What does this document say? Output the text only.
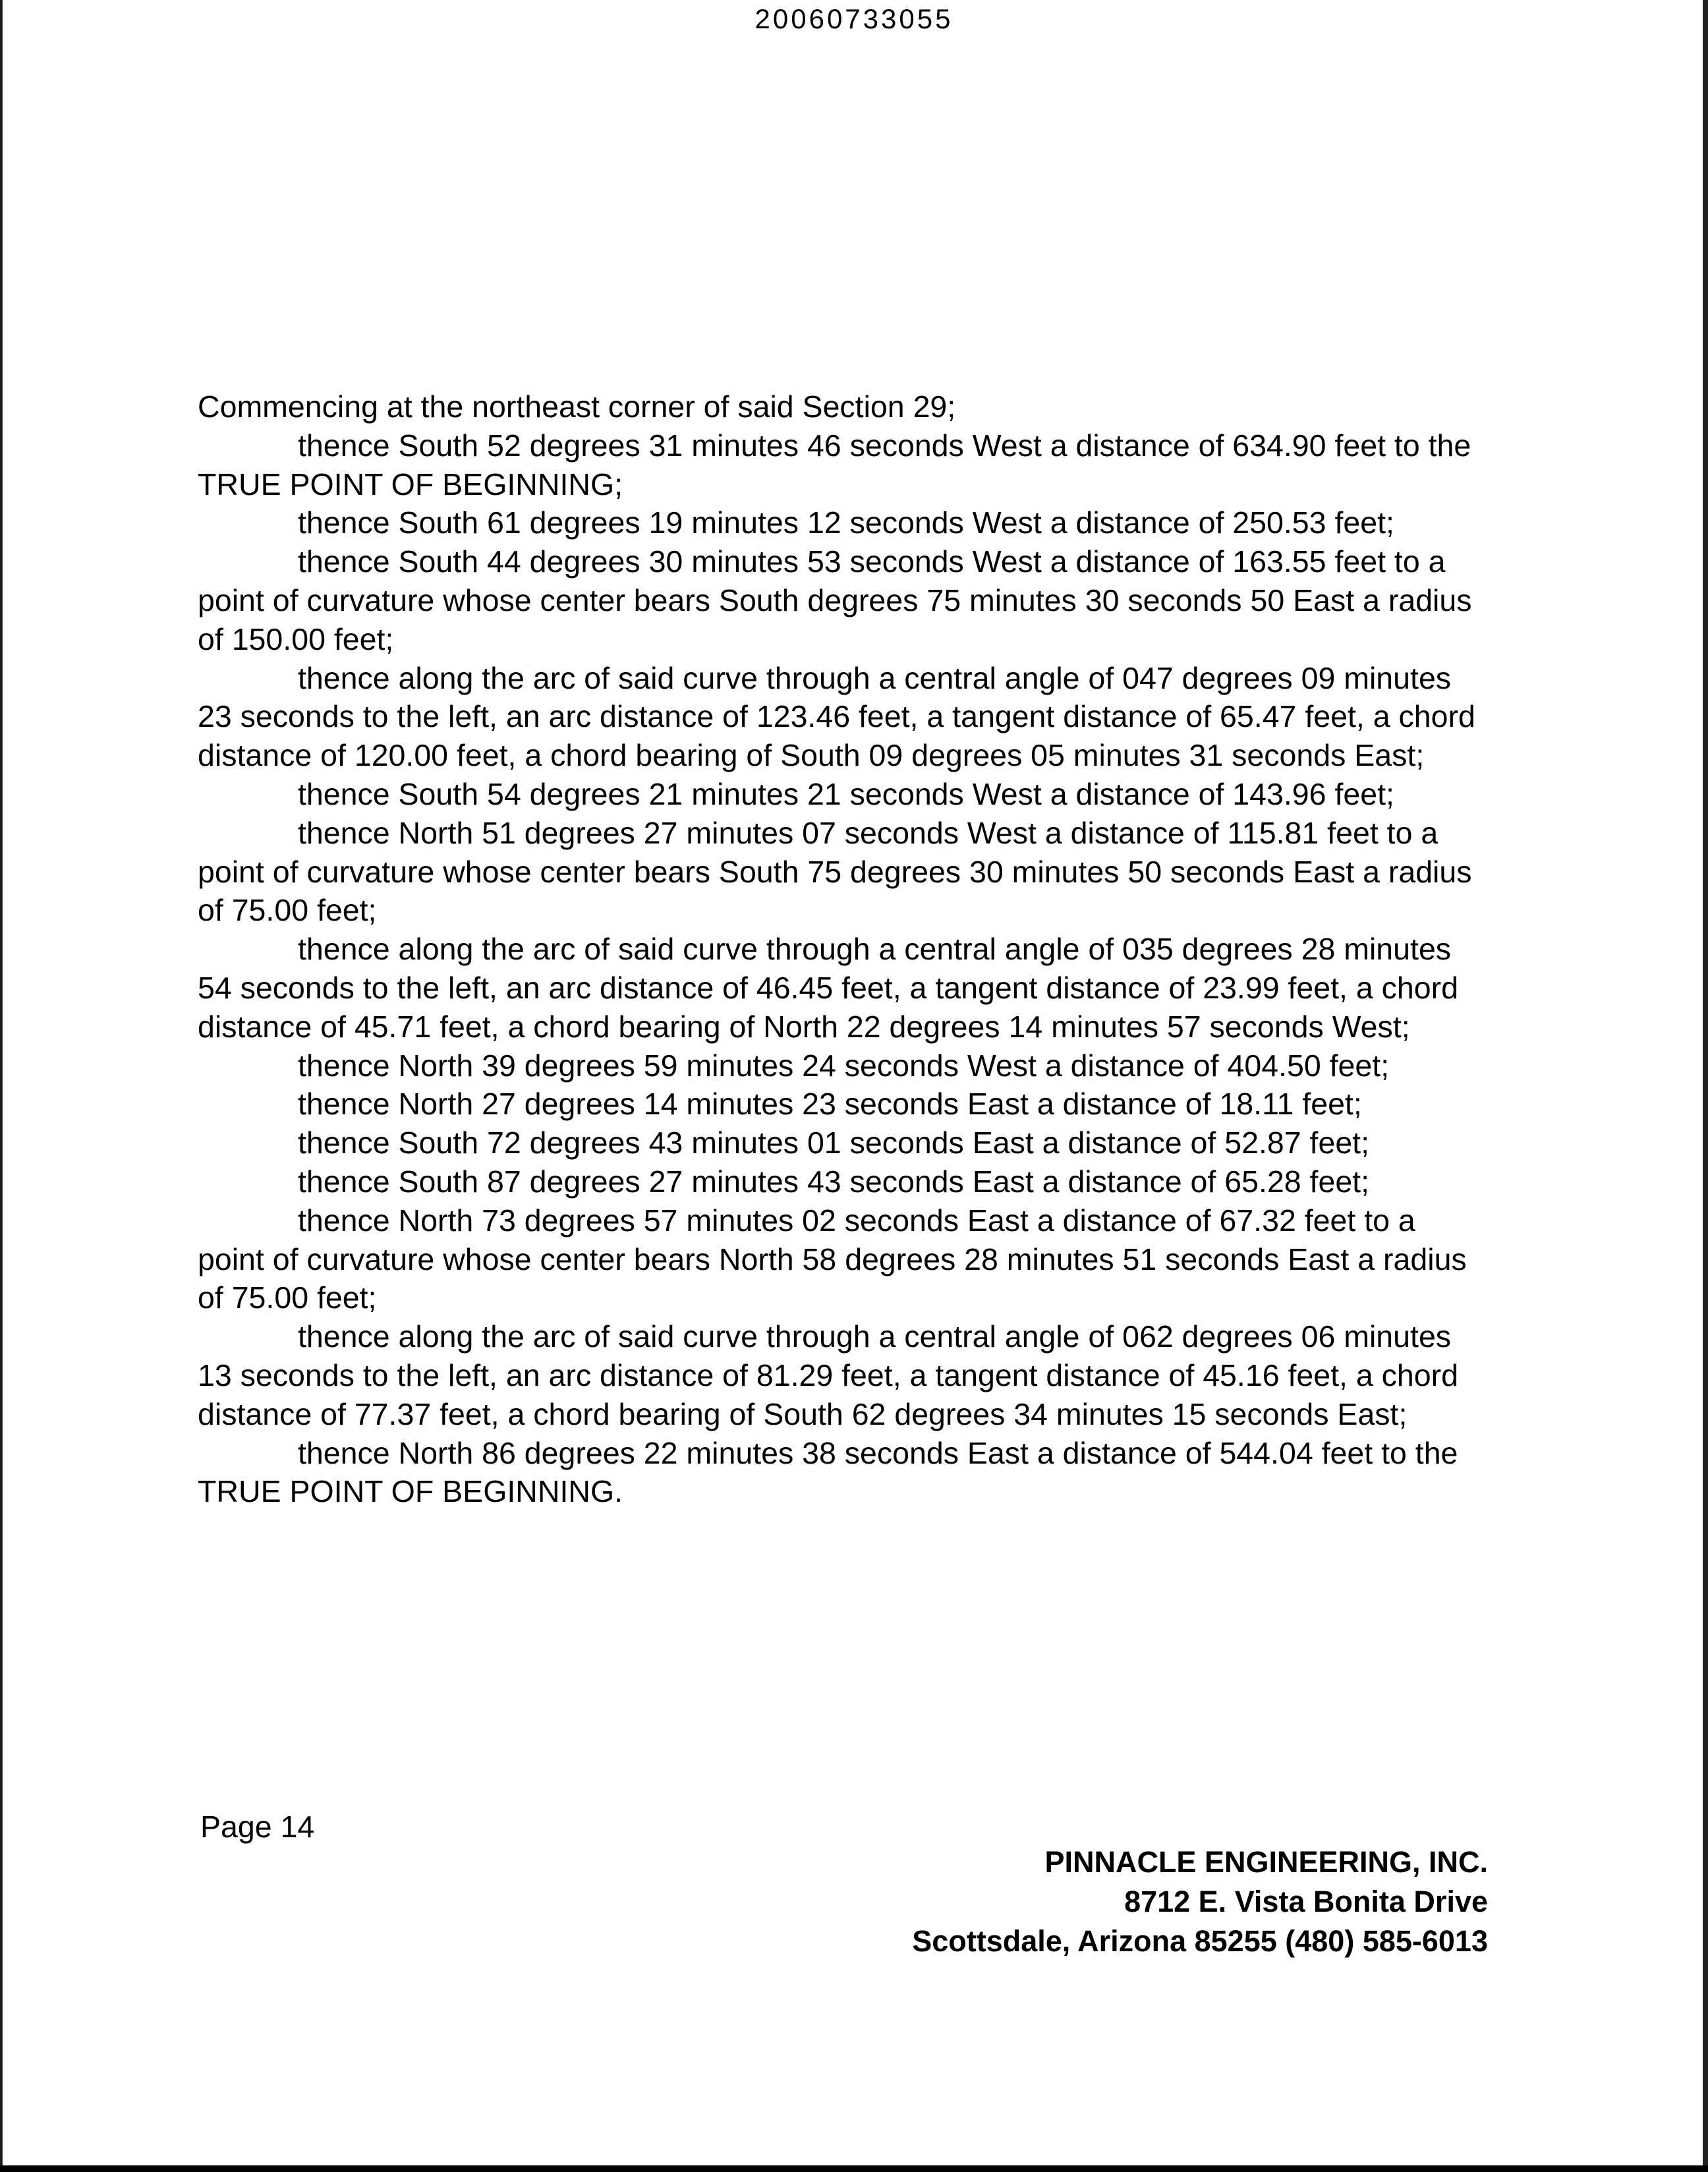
20060733055

Commencing at the northeast corner of said Section 29;

thence South 52 degrees 31 minutes 46 seconds West a distance of 634.90 feet to the TRUE POINT OF BEGINNING;

thence South 61 degrees 19 minutes 12 seconds West a distance of 250.53 feet;

thence South 44 degrees 30 minutes 53 seconds West a distance of 163.55 feet to a point of curvature whose center bears South degrees 75 minutes 30 seconds 50 East a radius of 150.00 feet;

thence along the arc of said curve through a central angle of 047 degrees 09 minutes 23 seconds to the left, an arc distance of 123.46 feet, a tangent distance of 65.47 feet, a chord distance of 120.00 feet, a chord bearing of South 09 degrees 05 minutes 31 seconds East;

thence South 54 degrees 21 minutes 21 seconds West a distance of 143.96 feet;

thence North 51 degrees 27 minutes 07 seconds West a distance of 115.81 feet to a point of curvature whose center bears South 75 degrees 30 minutes 50 seconds East a radius of 75.00 feet;

thence along the arc of said curve through a central angle of 035 degrees 28 minutes 54 seconds to the left, an arc distance of 46.45 feet, a tangent distance of 23.99 feet, a chord distance of 45.71 feet, a chord bearing of North 22 degrees 14 minutes 57 seconds West;

thence North 39 degrees 59 minutes 24 seconds West a distance of 404.50 feet;

thence North 27 degrees 14 minutes 23 seconds East a distance of 18.11 feet;

thence South 72 degrees 43 minutes 01 seconds East a distance of 52.87 feet;

thence South 87 degrees 27 minutes 43 seconds East a distance of 65.28 feet;

thence North 73 degrees 57 minutes 02 seconds East a distance of 67.32 feet to a point of curvature whose center bears North 58 degrees 28 minutes 51 seconds East a radius of 75.00 feet;

thence along the arc of said curve through a central angle of 062 degrees 06 minutes 13 seconds to the left, an arc distance of 81.29 feet, a tangent distance of 45.16 feet, a chord distance of 77.37 feet, a chord bearing of South 62 degrees 34 minutes 15 seconds East;

thence North 86 degrees 22 minutes 38 seconds East a distance of 544.04 feet to the TRUE POINT OF BEGINNING.

Page 14
PINNACLE ENGINEERING, INC.
8712 E. Vista Bonita Drive
Scottsdale, Arizona 85255 (480) 585-6013
